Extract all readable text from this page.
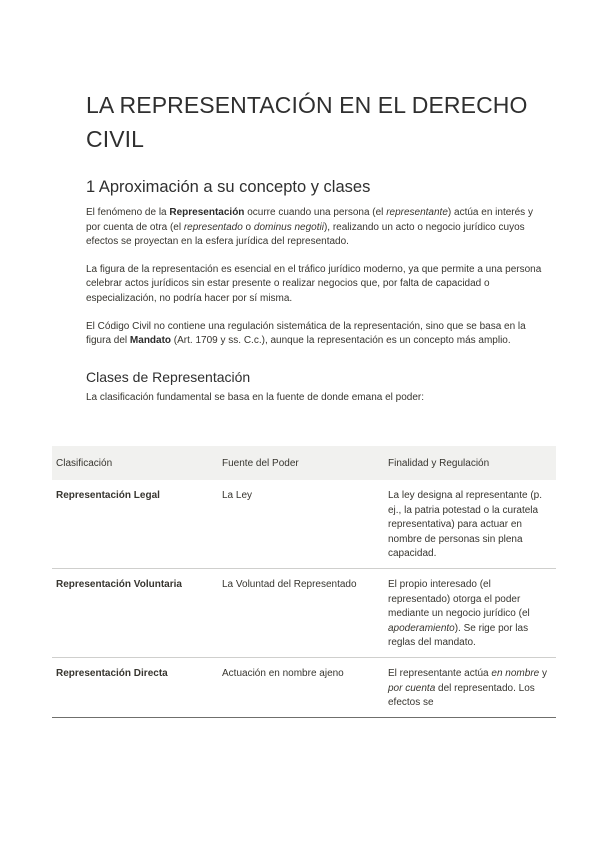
LA REPRESENTACIÓN EN EL DERECHO CIVIL
1 Aproximación a su concepto y clases

El fenómeno de la Representación ocurre cuando una persona (el representante) actúa en interés y por cuenta de otra (el representado o dominus negotii), realizando un acto o negocio jurídico cuyos efectos se proyectan en la esfera jurídica del representado.

La figura de la representación es esencial en el tráfico jurídico moderno, ya que permite a una persona celebrar actos jurídicos sin estar presente o realizar negocios que, por falta de capacidad o especialización, no podría hacer por sí misma.

El Código Civil no contiene una regulación sistemática de la representación, sino que se basa en la figura del Mandato (Art. 1709 y ss. C.c.), aunque la representación es un concepto más amplio.

Clases de Representación

La clasificación fundamental se basa en la fuente de donde emana el poder:

Clasificación	Fuente del Poder	Finalidad y Regulación
Representación Legal	La Ley	La ley designa al representante (p. ej., la patria potestad o la curatela representativa) para actuar en nombre de personas sin plena capacidad.
Representación Voluntaria	La Voluntad del Representado	El propio interesado (el representado) otorga el poder mediante un negocio jurídico (el apoderamiento). Se rige por las reglas del mandato.
Representación Directa	Actuación en nombre ajeno	El representante actúa en nombre y por cuenta del representado. Los efectos se
